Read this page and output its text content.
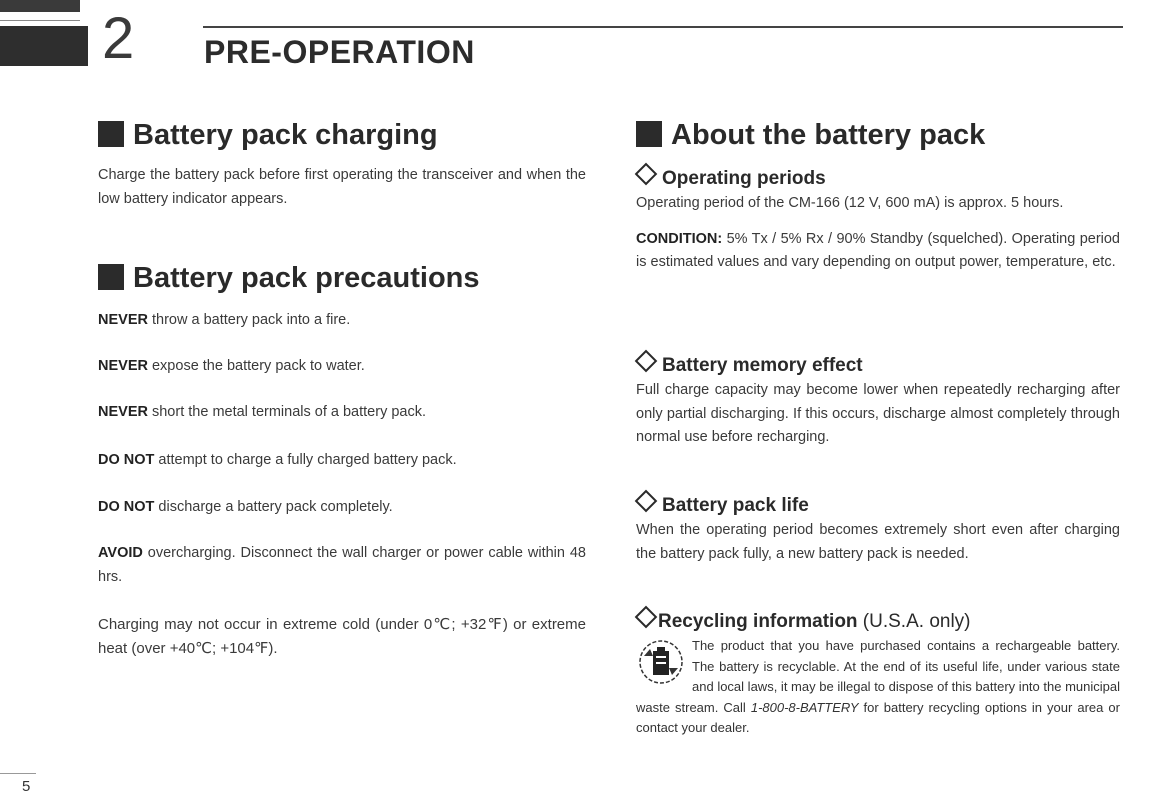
2 PRE-OPERATION
Battery pack charging

Charge the battery pack before first operating the transceiver and when the low battery indicator appears.

Battery pack precautions

NEVER throw a battery pack into a fire.

NEVER expose the battery pack to water.

NEVER short the metal terminals of a battery pack.

DO NOT attempt to charge a fully charged battery pack.

DO NOT discharge a battery pack completely.

AVOID overcharging. Disconnect the wall charger or power cable within 48 hrs.

Charging may not occur in extreme cold (under 0℃; +32℉) or extreme heat (over +40℃; +104℉).

About the battery pack
Operating periods

Operating period of the CM-166 (12 V, 600 mA) is approx. 5 hours.

CONDITION: 5% Tx / 5% Rx / 90% Standby (squelched). Operating period is estimated values and vary depending on output power, temperature, etc.

Battery memory effect

Full charge capacity may become lower when repeatedly recharging after only partial discharging. If this occurs, discharge almost completely through normal use before recharging.

Battery pack life

When the operating period becomes extremely short even after charging the battery pack fully, a new battery pack is needed.

Recycling information (U.S.A. only)

The product that you have purchased contains a rechargeable battery. The battery is recyclable. At the end of its useful life, under various state and local laws, it may be illegal to dispose of this battery into the municipal waste stream. Call 1-800-8-BATTERY for battery recycling options in your area or contact your dealer.

5
